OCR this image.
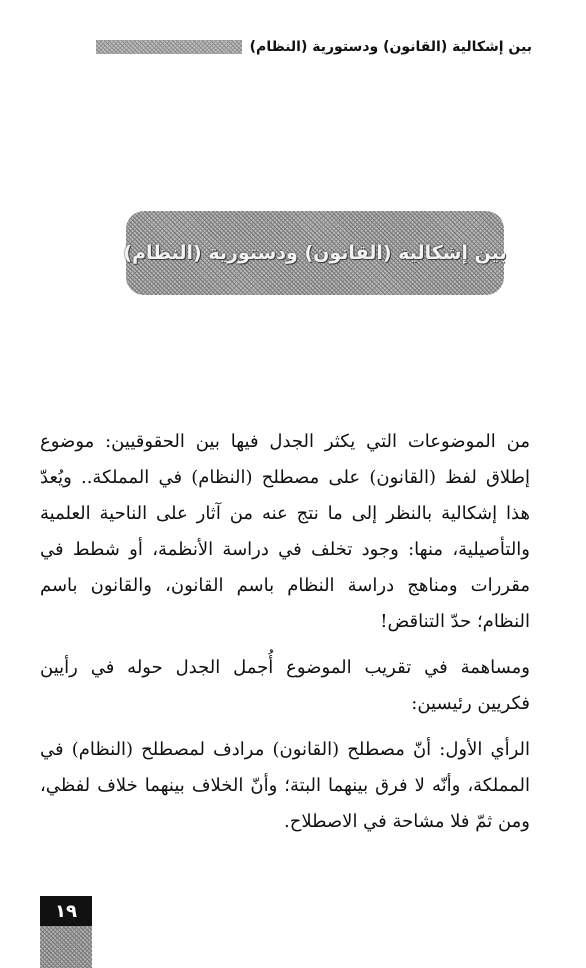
بين إشكالية (القانون) ودستورية (النظام)
بين إشكالية (القانون) ودستورية (النظام)

من الموضوعات التي يكثر الجدل فيها بين الحقوقيين: موضوع إطلاق لفظ (القانون) على مصطلح (النظام) في المملكة.. ويُعدّ هذا إشكالية بالنظر إلى ما نتج عنه من آثار على الناحية العلمية والتأصيلية، منها: وجود تخلف في دراسة الأنظمة، أو شطط في مقررات ومناهج دراسة النظام باسم القانون، والقانون باسم النظام؛ حدّ التناقض!

ومساهمة في تقريب الموضوع أُجمل الجدل حوله في رأيين فكريين رئيسين:

الرأي الأول: أنّ مصطلح (القانون) مرادف لمصطلح (النظام) في المملكة، وأنّه لا فرق بينهما البتة؛ وأنّ الخلاف بينهما خلاف لفظي، ومن ثمّ فلا مشاحة في الاصطلاح.

١٩
